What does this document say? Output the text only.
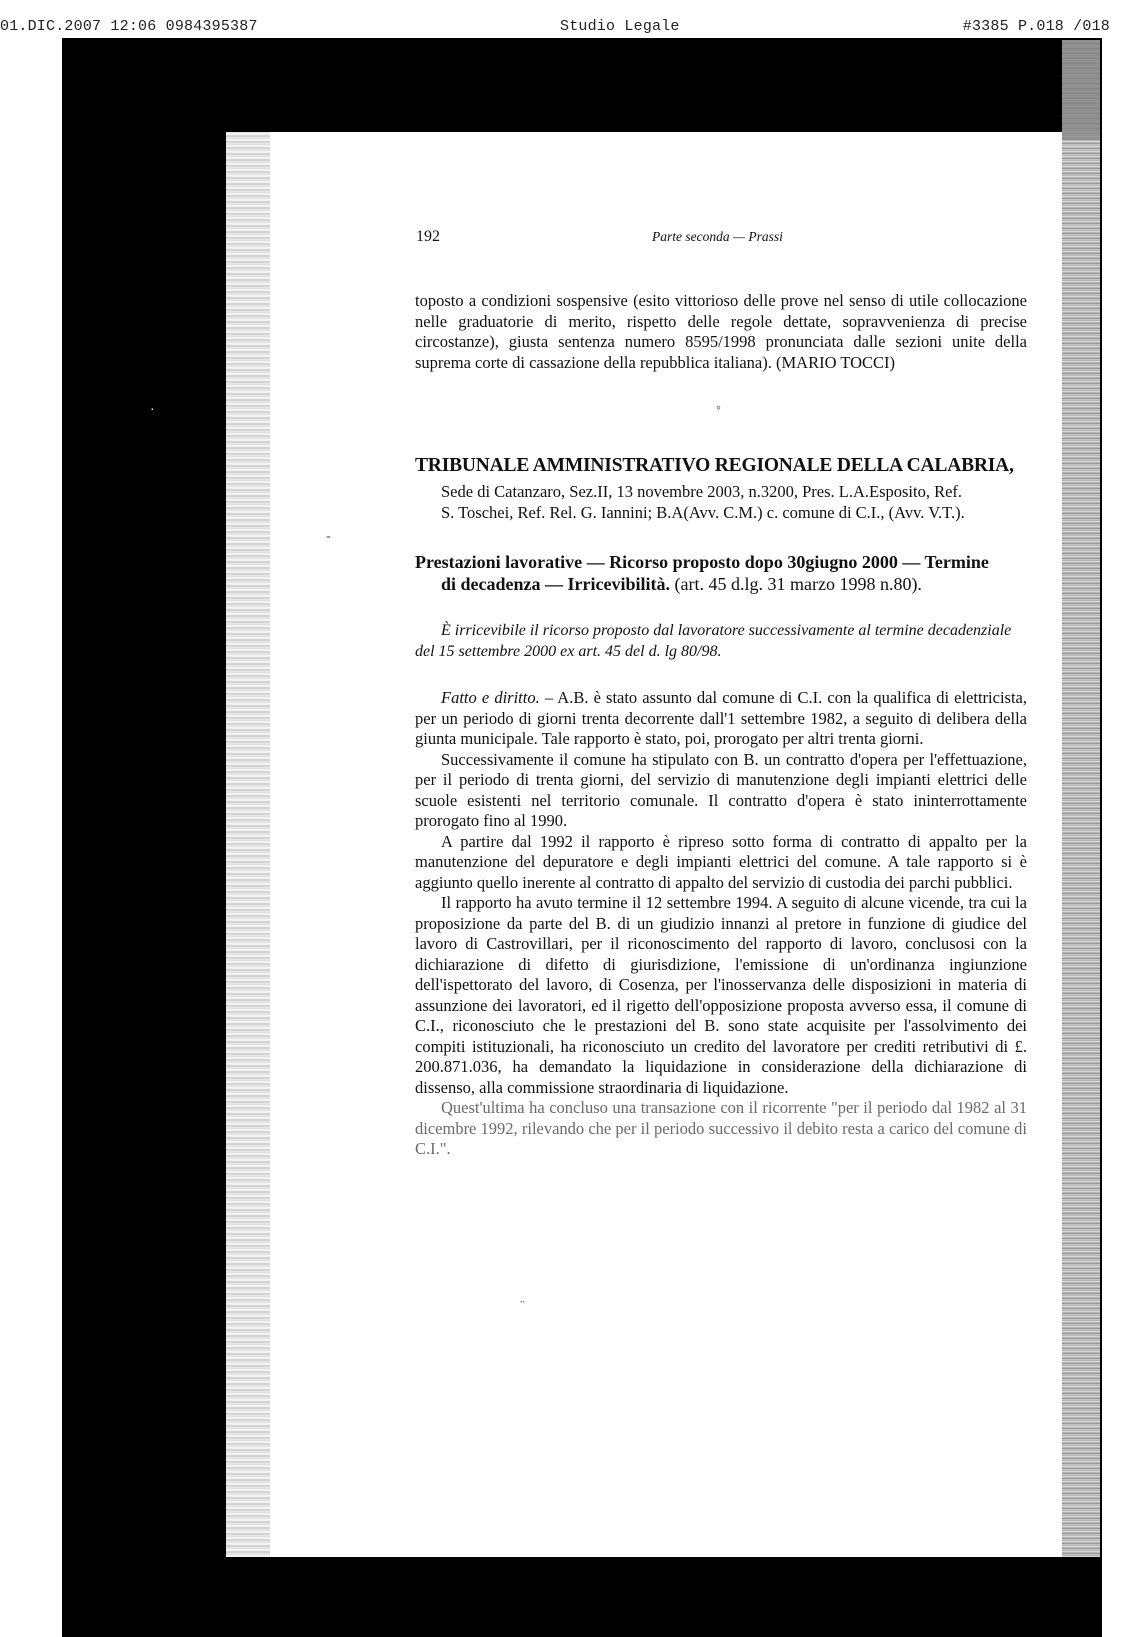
01.DIC.2007 12:06 0984395387	Studio Legale	#3385 P.018 /018
192	Parte seconda — Prassi
toposto a condizioni sospensive (esito vittorioso delle prove nel senso di utile collocazione nelle graduatorie di merito, rispetto delle regole dettate, sopravvenienza di precise circostanze), giusta sentenza numero 8595/1998 pronunciata dalle sezioni unite della suprema corte di cassazione della repubblica italiana). (MARIO TOCCI)
TRIBUNALE AMMINISTRATIVO REGIONALE DELLA CALABRIA,
Sede di Catanzaro, Sez.II, 13 novembre 2003, n.3200, Pres. L.A.Esposito, Ref.
S. Toschei, Ref. Rel. G. Iannini; B.A(Avv. C.M.) c. comune di C.I., (Avv. V.T.).
Prestazioni lavorative — Ricorso proposto dopo 30giugno 2000 — Termine
di decadenza — Irricevibilità. (art. 45 d.lg. 31 marzo 1998 n.80).
È irricevibile il ricorso proposto dal lavoratore successivamente al termine decadenziale del 15 settembre 2000 ex art. 45 del d. lg 80/98.

Fatto e diritto. – A.B. è stato assunto dal comune di C.I. con la qualifica di elettricista, per un periodo di giorni trenta decorrente dall'1 settembre 1982, a seguito di delibera della giunta municipale. Tale rapporto è stato, poi, prorogato per altri trenta giorni.

Successivamente il comune ha stipulato con B. un contratto d'opera per l'effettuazione, per il periodo di trenta giorni, del servizio di manutenzione degli impianti elettrici delle scuole esistenti nel territorio comunale. Il contratto d'opera è stato ininterrottamente prorogato fino al 1990.

A partire dal 1992 il rapporto è ripreso sotto forma di contratto di appalto per la manutenzione del depuratore e degli impianti elettrici del comune. A tale rapporto si è aggiunto quello inerente al contratto di appalto del servizio di custodia dei parchi pubblici.

Il rapporto ha avuto termine il 12 settembre 1994. A seguito di alcune vicende, tra cui la proposizione da parte del B. di un giudizio innanzi al pretore in funzione di giudice del lavoro di Castrovillari, per il riconoscimento del rapporto di lavoro, conclusosi con la dichiarazione di difetto di giurisdizione, l'emissione di un'ordinanza ingiunzione dell'ispettorato del lavoro, di Cosenza, per l'inosservanza delle disposizioni in materia di assunzione dei lavoratori, ed il rigetto dell'opposizione proposta avverso essa, il comune di C.I., riconosciuto che le prestazioni del B. sono state acquisite per l'assolvimento dei compiti istituzionali, ha riconosciuto un credito del lavoratore per crediti retributivi di £. 200.871.036, ha demandato la liquidazione in considerazione della dichiarazione di dissenso, alla commissione straordinaria di liquidazione.

Quest'ultima ha concluso una transazione con il ricorrente "per il periodo dal 1982 al 31 dicembre 1992, rilevando che per il periodo successivo il debito resta a carico del comune di C.I.".

·
-
◦
¨
